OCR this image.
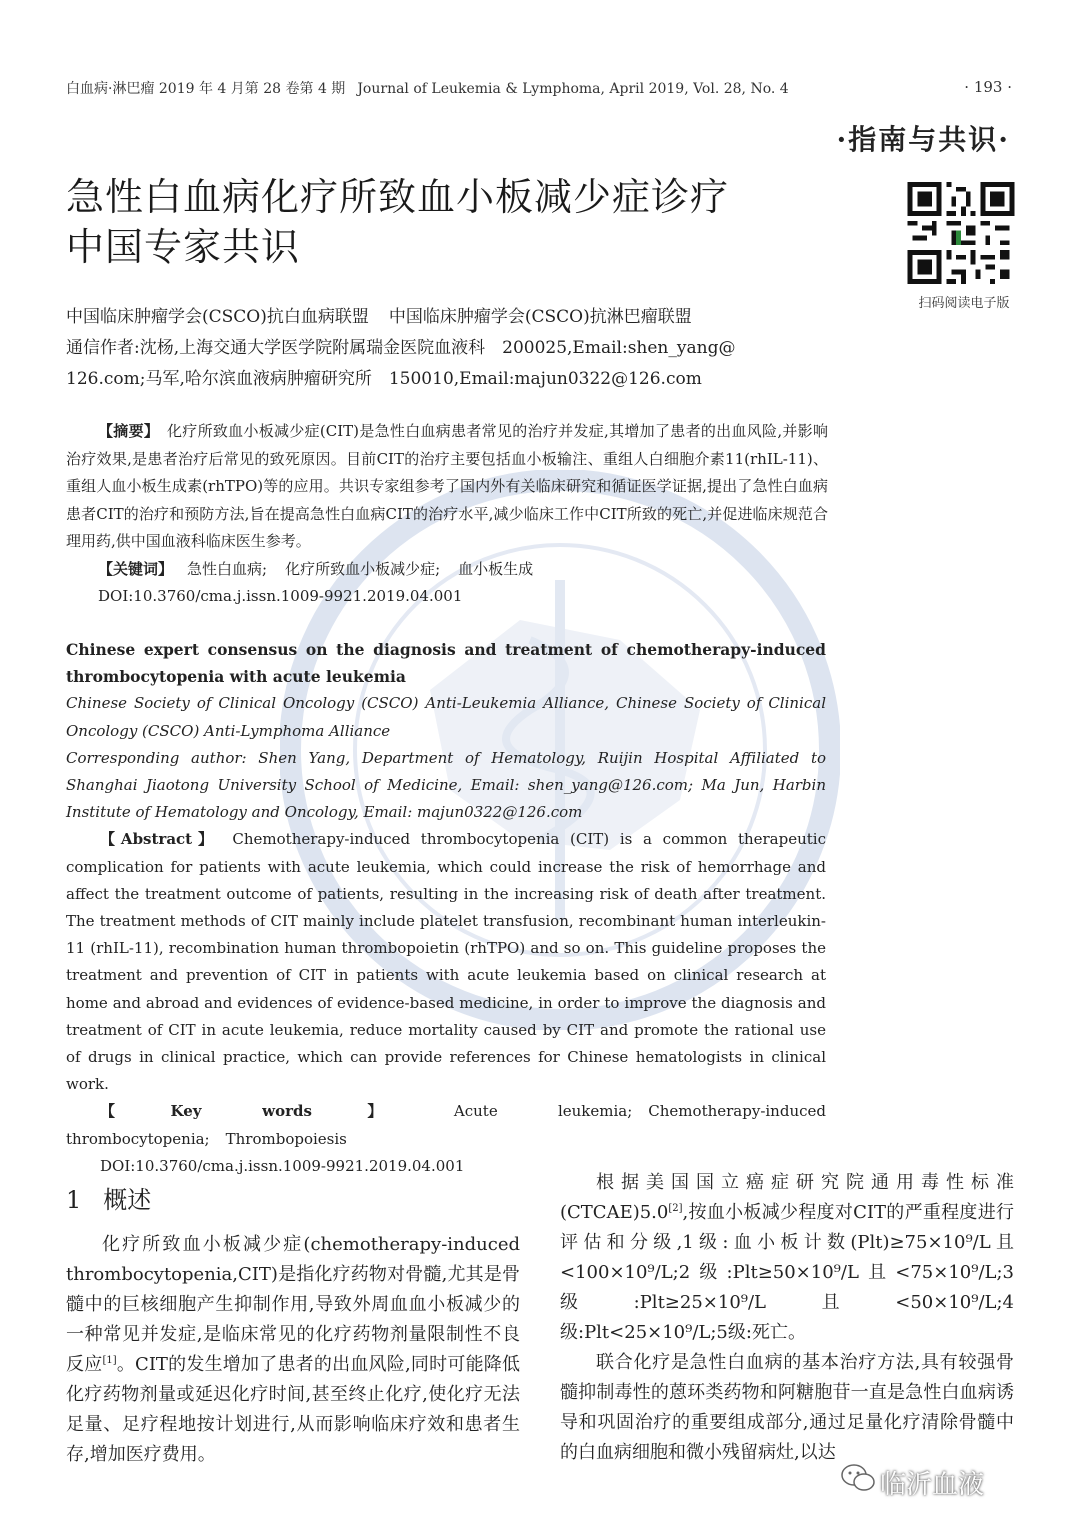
白血病·淋巴瘤 2019 年 4 月第 28 卷第 4 期 Journal of Leukemia & Lymphoma, April 2019, Vol. 28, No. 4	· 193 ·
·指南与共识·
急性白血病化疗所致血小板减少症诊疗
中国专家共识
扫码阅读电子版
中国临床肿瘤学会(CSCO)抗白血病联盟 中国临床肿瘤学会(CSCO)抗淋巴瘤联盟
通信作者:沈杨,上海交通大学医学院附属瑞金医院血液科　200025,Email:shen_yang@
126.com;马军,哈尔滨血液病肿瘤研究所　150010,Email:majun0322@126.com

【摘要】　 化疗所致血小板减少症(CIT)是急性白血病患者常见的治疗并发症,其增加了患者的出血风险,并影响治疗效果,是患者治疗后常见的致死原因。目前CIT的治疗主要包括血小板输注、重组人白细胞介素11(rhIL-11)、重组人血小板生成素(rhTPO)等的应用。共识专家组参考了国内外有关临床研究和循证医学证据,提出了急性白血病患者CIT的治疗和预防方法,旨在提高急性白血病CIT的治疗水平,减少临床工作中CIT所致的死亡,并促进临床规范合理用药,供中国血液科临床医生参考。

【关键词】 急性白血病; 化疗所致血小板减少症; 血小板生成

DOI:10.3760/cma.j.issn.1009-9921.2019.04.001

Chinese expert consensus on the diagnosis and treatment of chemotherapy-induced thrombocytopenia with acute leukemia

Chinese Society of Clinical Oncology (CSCO) Anti-Leukemia Alliance, Chinese Society of Clinical Oncology (CSCO) Anti-Lymphoma Alliance

Corresponding author: Shen Yang, Department of Hematology, Ruijin Hospital Affiliated to Shanghai Jiaotong University School of Medicine, Email: shen_yang@126.com; Ma Jun, Harbin Institute of Hematology and Oncology, Email: majun0322@126.com

【Abstract】　 Chemotherapy-induced thrombocytopenia (CIT) is a common therapeutic complication for patients with acute leukemia, which could increase the risk of hemorrhage and affect the treatment outcome of patients, resulting in the increasing risk of death after treatment. The treatment methods of CIT mainly include platelet transfusion, recombinant human interleukin-11 (rhIL-11), recombination human thrombopoietin (rhTPO) and so on. This guideline proposes the treatment and prevention of CIT in patients with acute leukemia based on clinical research at home and abroad and evidences of evidence-based medicine, in order to improve the diagnosis and treatment of CIT in acute leukemia, reduce mortality caused by CIT and promote the rational use of drugs in clinical practice, which can provide references for Chinese hematologists in clinical work.

【Key words】 Acute leukemia; Chemotherapy-induced thrombocytopenia; Thrombopoiesis

DOI:10.3760/cma.j.issn.1009-9921.2019.04.001

1 概述

化疗所致血小板减少症(chemotherapy-induced thrombocytopenia,CIT)是指化疗药物对骨髓,尤其是骨髓中的巨核细胞产生抑制作用,导致外周血血小板减少的一种常见并发症,是临床常见的化疗药物剂量限制性不良反应[1]。CIT的发生增加了患者的出血风险,同时可能降低化疗药物剂量或延迟化疗时间,甚至终止化疗,使化疗无法足量、足疗程地按计划进行,从而影响临床疗效和患者生存,增加医疗费用。

根据美国国立癌症研究院通用毒性标准(CTCAE)5.0[2],按血小板减少程度对CIT的严重程度进行评估和分级,1级:血小板计数(Plt)≥75×10⁹/L且<100×10⁹/L;2级:Plt≥50×10⁹/L且<75×10⁹/L;3级:Plt≥25×10⁹/L且<50×10⁹/L;4级:Plt<25×10⁹/L;5级:死亡。

联合化疗是急性白血病的基本治疗方法,具有较强骨髓抑制毒性的蒽环类药物和阿糖胞苷一直是急性白血病诱导和巩固治疗的重要组成部分,通过足量化疗清除骨髓中的白血病细胞和微小残留病灶,以达

临沂血液
